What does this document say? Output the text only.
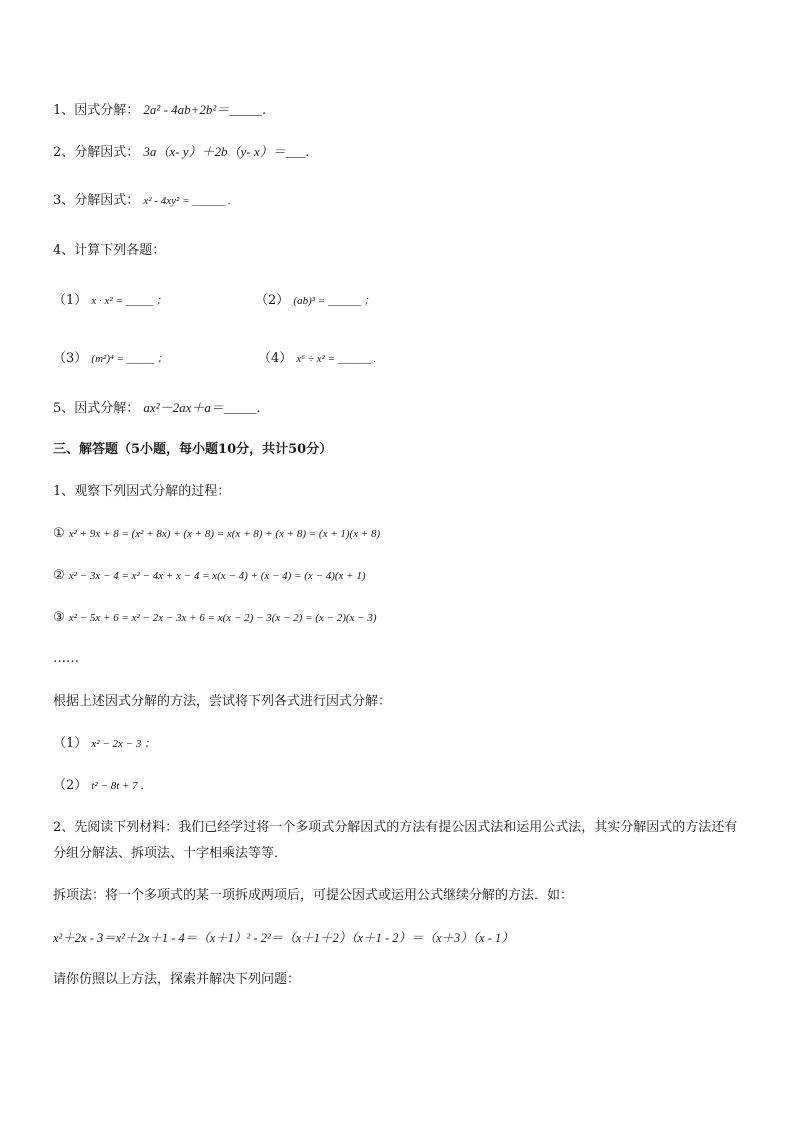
1、因式分解： 2a² - 4ab+2b²＝_____．
2、分解因式： 3a（x- y）＋2b（y- x）＝___．
3、分解因式： x² - 4xy² = ______ .
4、计算下列各题：
（1） x · x² = _____ ；	（2） (ab)³ = ______ ；
（3） (m²)⁴ = _____ ；	（4） x⁶ ÷ x² = ______ .
5、因式分解： ax²－2ax＋a＝_____．
三、解答题（5小题，每小题10分，共计50分）
1、观察下列因式分解的过程：
① x² + 9x + 8 = (x² + 8x) + (x + 8) = x(x + 8) + (x + 8) = (x + 1)(x + 8)
② x² − 3x − 4 = x² − 4x + x − 4 = x(x − 4) + (x − 4) = (x − 4)(x + 1)
③ x² − 5x + 6 = x² − 2x − 3x + 6 = x(x − 2) − 3(x − 2) = (x − 2)(x − 3)
……
根据上述因式分解的方法，尝试将下列各式进行因式分解：
（1） x² − 2x − 3 ；
（2） t² − 8t + 7 ．
2、先阅读下列材料：我们已经学过将一个多项式分解因式的方法有提公因式法和运用公式法，其实分解因式的方法还有分组分解法、拆项法、十字相乘法等等．
拆项法：将一个多项式的某一项拆成两项后，可提公因式或运用公式继续分解的方法．如：
x²＋2x - 3＝x²＋2x＋1 - 4＝（x＋1）² - 2²＝（x＋1＋2）（x＋1 - 2）＝（x＋3）（x - 1）
请你仿照以上方法，探索并解决下列问题：
